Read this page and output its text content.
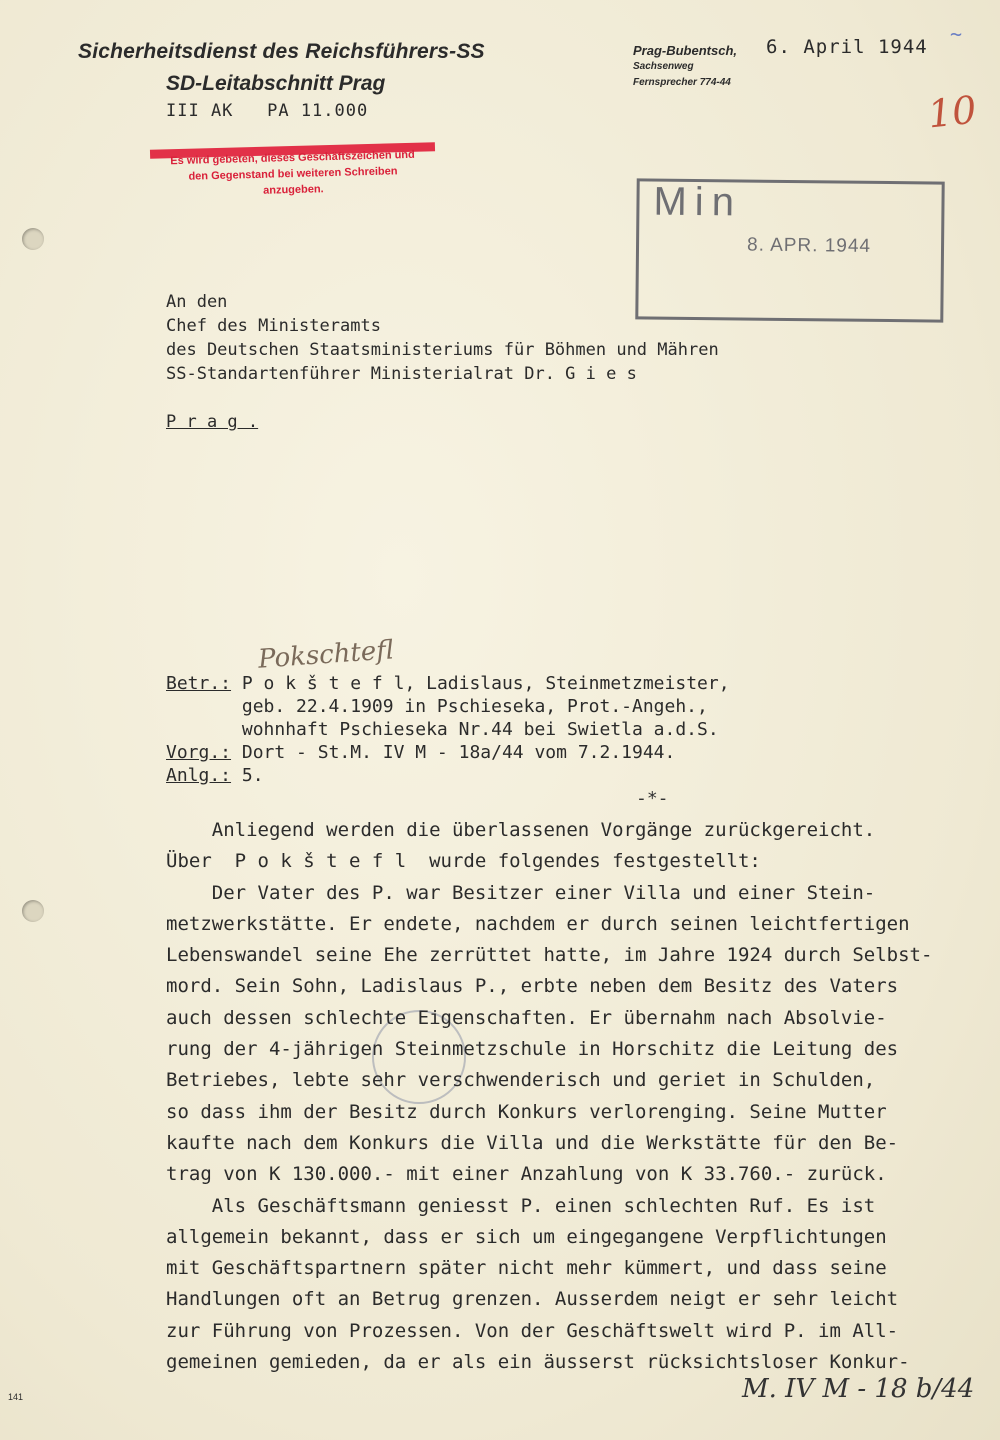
~
Sicherheitsdienst des Reichsführers-SS
SD-Leitabschnitt Prag
III AK   PA 11.000
Prag-Bubentsch,
Sachsenweg
Fernsprecher 774-44
6. April 1944
Es wird gebeten, dieses Geschäftszeichen und
den Gegenstand bei weiteren Schreiben
anzugeben.
10
Min
8. APR. 1944
An den
Chef des Ministeramts
des Deutschen Staatsministeriums für Böhmen und Mähren
SS-Standartenführer Ministerialrat Dr. G i e s

P r a g .
Pokschtefl
Betr.: P o k š t e f l, Ladislaus, Steinmetzmeister,
geb. 22.4.1909 in Pschieseka, Prot.-Angeh.,
wohnhaft Pschieseka Nr.44 bei Swietla a.d.S.
Vorg.: Dort - St.M. IV M - 18a/44 vom 7.2.1944.
Anlg.: 5.
-*-

Anliegend werden die überlassenen Vorgänge zurückgereicht.

Über  P o k š t e f l  wurde folgendes festgestellt:

Der Vater des P. war Besitzer einer Villa und einer Stein-

metzwerkstätte. Er endete, nachdem er durch seinen leichtfertigen

Lebenswandel seine Ehe zerrüttet hatte, im Jahre 1924 durch Selbst-

mord. Sein Sohn, Ladislaus P., erbte neben dem Besitz des Vaters

auch dessen schlechte Eigenschaften. Er übernahm nach Absolvie-

rung der 4-jährigen Steinmetzschule in Horschitz die Leitung des

Betriebes, lebte sehr verschwenderisch und geriet in Schulden,

so dass ihm der Besitz durch Konkurs verlorenging. Seine Mutter

kaufte nach dem Konkurs die Villa und die Werkstätte für den Be-

trag von K 130.000.- mit einer Anzahlung von K 33.760.- zurück.

Als Geschäftsmann geniesst P. einen schlechten Ruf. Es ist

allgemein bekannt, dass er sich um eingegangene Verpflichtungen

mit Geschäftspartnern später nicht mehr kümmert, und dass seine

Handlungen oft an Betrug grenzen. Ausserdem neigt er sehr leicht

zur Führung von Prozessen. Von der Geschäftswelt wird P. im All-

gemeinen gemieden, da er als ein äusserst rücksichtsloser Konkur-

141	M. IV M - 18 b/44
